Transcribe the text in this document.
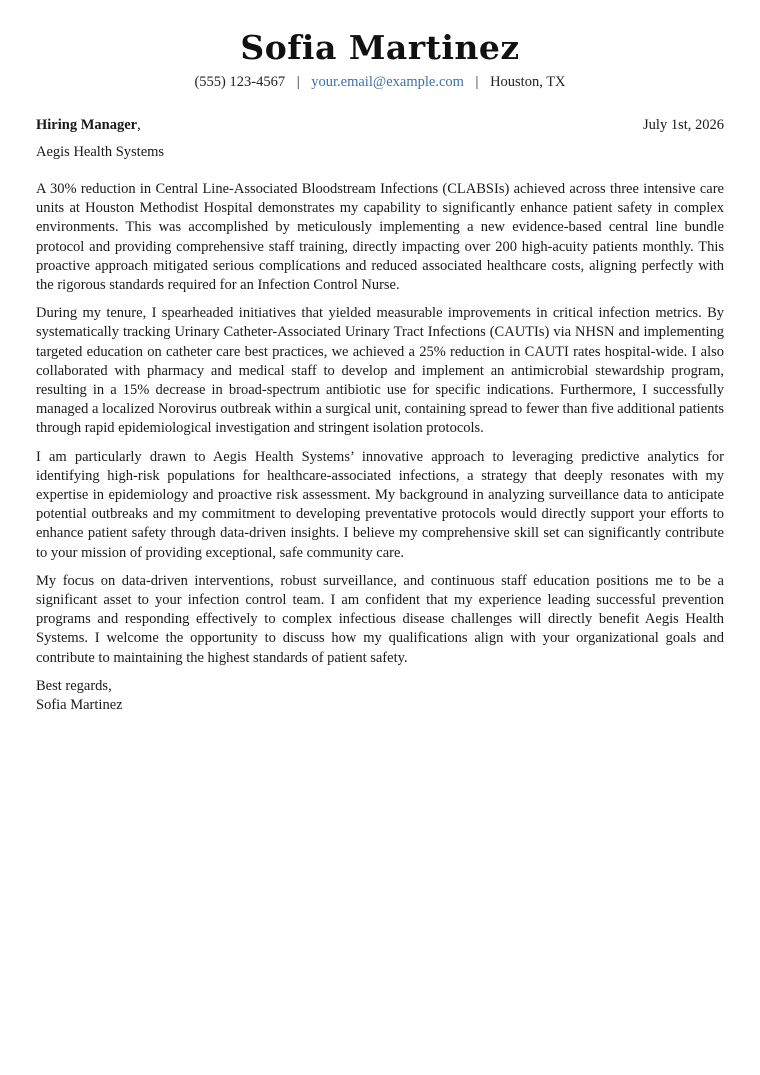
Sofia Martinez
(555) 123-4567 | your.email@example.com | Houston, TX
Hiring Manager,	July 1st, 2026
Aegis Health Systems

A 30% reduction in Central Line-Associated Bloodstream Infections (CLABSIs) achieved across three intensive care units at Houston Methodist Hospital demonstrates my capability to significantly enhance patient safety in complex environments. This was accomplished by meticulously implementing a new evidence-based central line bundle protocol and providing comprehensive staff training, directly impacting over 200 high-acuity patients monthly. This proactive approach mitigated serious complications and reduced associated healthcare costs, aligning perfectly with the rigorous standards required for an Infection Control Nurse.

During my tenure, I spearheaded initiatives that yielded measurable improvements in critical infection metrics. By systematically tracking Urinary Catheter-Associated Urinary Tract Infections (CAUTIs) via NHSN and implementing targeted education on catheter care best practices, we achieved a 25% reduction in CAUTI rates hospital-wide. I also collaborated with pharmacy and medical staff to develop and implement an antimicrobial stewardship program, resulting in a 15% decrease in broad-spectrum antibiotic use for specific indications. Furthermore, I successfully managed a localized Norovirus outbreak within a surgical unit, containing spread to fewer than five additional patients through rapid epidemiological investigation and stringent isolation protocols.

I am particularly drawn to Aegis Health Systems’ innovative approach to leveraging predictive analytics for identifying high-risk populations for healthcare-associated infections, a strategy that deeply resonates with my expertise in epidemiology and proactive risk assessment. My background in analyzing surveillance data to anticipate potential outbreaks and my commitment to developing preventative protocols would directly support your efforts to enhance patient safety through data-driven insights. I believe my comprehensive skill set can significantly contribute to your mission of providing exceptional, safe community care.

My focus on data-driven interventions, robust surveillance, and continuous staff education positions me to be a significant asset to your infection control team. I am confident that my experience leading successful prevention programs and responding effectively to complex infectious disease challenges will directly benefit Aegis Health Systems. I welcome the opportunity to discuss how my qualifications align with your organizational goals and contribute to maintaining the highest standards of patient safety.

Best regards,
Sofia Martinez
